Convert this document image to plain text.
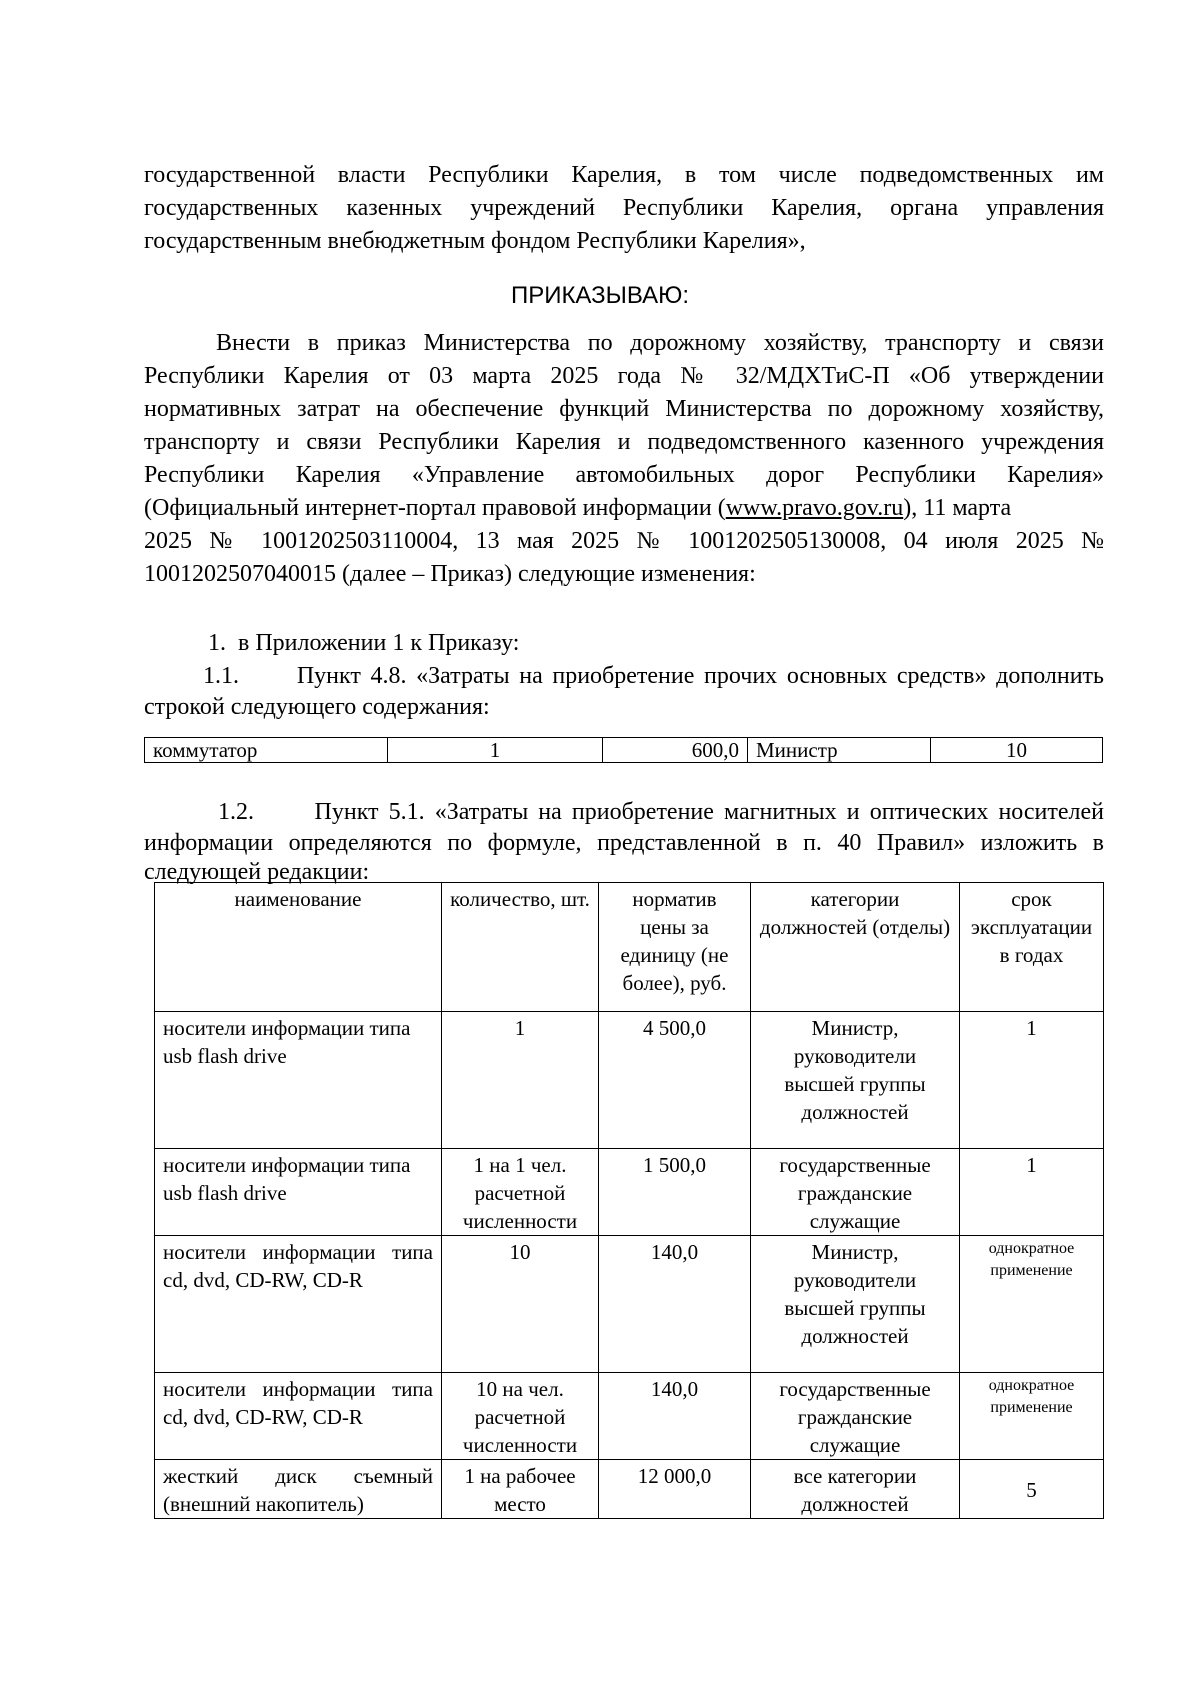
государственной власти Республики Карелия, в том числе подведомственных им
государственных казенных учреждений Республики Карелия, органа управления
государственным внебюджетным фондом Республики Карелия»,
ПРИКАЗЫВАЮ:
Внести в приказ Министерства по дорожному хозяйству, транспорту и связи
Республики Карелия от 03 марта 2025 года № 32/МДХТиС-П «Об утверждении
нормативных затрат на обеспечение функций Министерства по дорожному хозяйству,
транспорту и связи Республики Карелия и подведомственного казенного учреждения
Республики Карелия «Управление автомобильных дорог Республики Карелия»
(Официальный интернет-портал правовой информации (www.pravo.gov.ru), 11 марта
2025 № 1001202503110004, 13 мая 2025 № 1001202505130008, 04 июля 2025 №
1001202507040015 (далее – Приказ) следующие изменения:
1.  в Приложении 1 к Приказу:
1.1.      Пункт 4.8. «Затраты на приобретение прочих основных средств» дополнить
строкой следующего содержания:
коммутатор	1	600,0	Министр	10
1.2.      Пункт 5.1. «Затраты на приобретение магнитных и оптических носителей
информации определяются по формуле, представленной в п. 40 Правил» изложить в
следующей редакции:
наименование	количество, шт.	норматив цены за единицу (не более), руб.	категории должностей (отделы)	срок эксплуатации в годах
носители информации типа usb flash drive	1	4 500,0	Министр, руководители высшей группы должностей	1
носители информации типа usb flash drive	1 на 1 чел. расчетной численности	1 500,0	государственные гражданские служащие	1
носители информации типа cd, dvd, CD-RW, CD-R	10	140,0	Министр, руководители высшей группы должностей	однократное применение
носители информации типа cd, dvd, CD-RW, CD-R	10 на чел. расчетной численности	140,0	государственные гражданские служащие	однократное применение
жесткий диск съемный (внешний накопитель)	1 на рабочее место	12 000,0	все категории должностей	5
